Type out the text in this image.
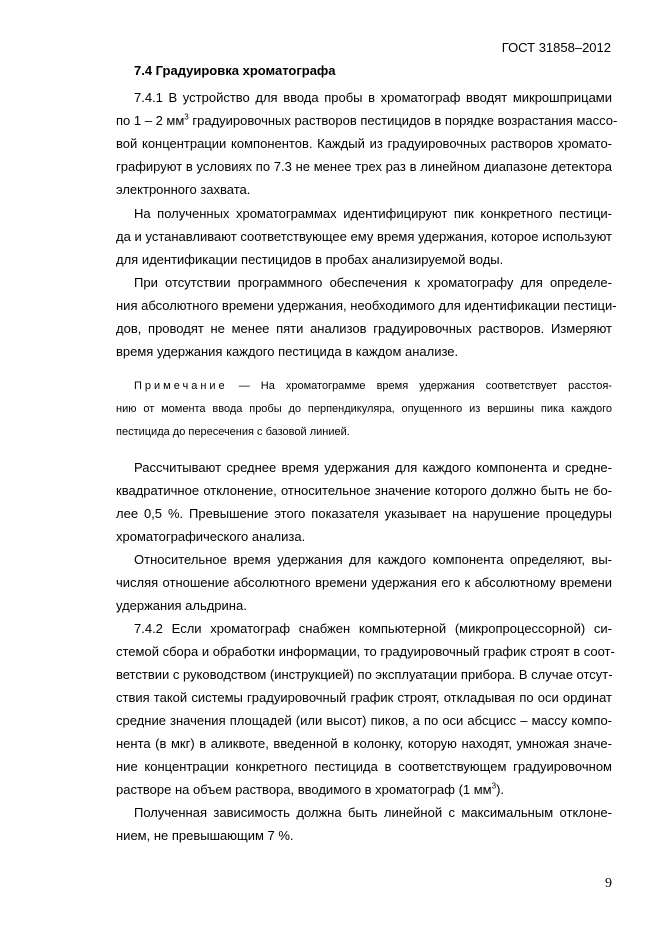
ГОСТ 31858–2012
7.4 Градуировка хроматографа
7.4.1 В устройство для ввода пробы в хроматограф вводят микрошприцами
по 1 – 2 $мм^3$ градуировочных растворов пестицидов в порядке возрастания массо-
вой концентрации компонентов. Каждый из градуировочных растворов хромато-
графируют в условиях по 7.3 не менее трех раз в линейном диапазоне детектора
электронного захвата.
На полученных хроматограммах идентифицируют пик конкретного пестици-
да и устанавливают соответствующее ему время удержания, которое используют
для идентификации пестицидов в пробах анализируемой воды.
При отсутствии программного обеспечения к хроматографу для определе-
ния абсолютного времени удержания, необходимого для идентификации пестици-
дов, проводят не менее пяти анализов градуировочных растворов. Измеряют
время удержания каждого пестицида в каждом анализе.
Примечание — На хроматограмме время удержания соответствует расстоя-
нию от момента ввода пробы до перпендикуляра, опущенного из вершины пика каждого
пестицида до пересечения с базовой линией.
Рассчитывают среднее время удержания для каждого компонента и средне-
квадратичное отклонение, относительное значение которого должно быть не бо-
лее 0,5 %. Превышение этого показателя указывает на нарушение процедуры
хроматографического анализа.
Относительное время удержания для каждого компонента определяют, вы-
числяя отношение абсолютного времени удержания его к абсолютному времени
удержания альдрина.
7.4.2 Если хроматограф снабжен компьютерной (микропроцессорной) си-
стемой сбора и обработки информации, то градуировочный график строят в соот-
ветствии с руководством (инструкцией) по эксплуатации прибора. В случае отсут-
ствия такой системы градуировочный график строят, откладывая по оси ординат
средние значения площадей (или высот) пиков, а по оси абсцисс – массу компо-
нента (в мкг) в аликвоте, введенной в колонку, которую находят, умножая значе-
ние концентрации конкретного пестицида в соответствующем градуировочном
растворе на объем раствора, вводимого в хроматограф (1 $мм^3$).
Полученная зависимость должна быть линейной с максимальным отклоне-
нием, не превышающим 7 %.
9
